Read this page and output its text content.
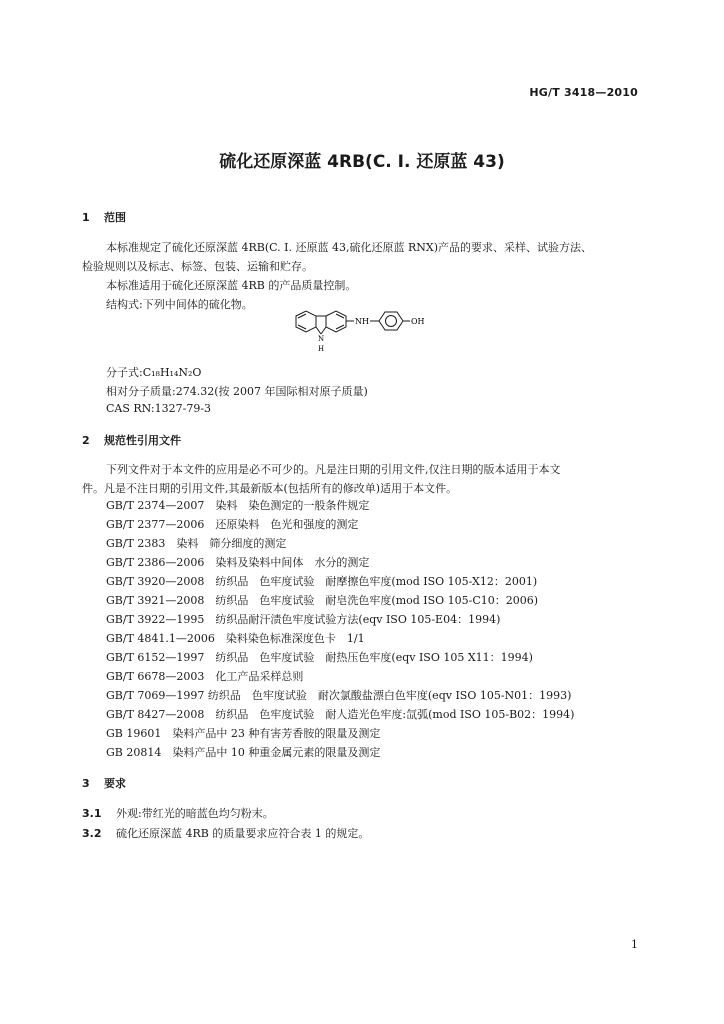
HG/T 3418—2010
硫化还原深蓝 4RB(C. I. 还原蓝 43)
1 范围
本标准规定了硫化还原深蓝 4RB(C. I. 还原蓝 43,硫化还原蓝 RNX)产品的要求、采样、试验方法、
检验规则以及标志、标签、包装、运输和贮存。
本标准适用于硫化还原深蓝 4RB 的产品质量控制。
结构式:下列中间体的硫化物。
NH	OH
N
H
分子式:C₁₈H₁₄N₂O
相对分子质量:274.32(按 2007 年国际相对原子质量)
CAS RN:1327-79-3
2 规范性引用文件
下列文件对于本文件的应用是必不可少的。凡是注日期的引用文件,仅注日期的版本适用于本文
件。凡是不注日期的引用文件,其最新版本(包括所有的修改单)适用于本文件。
GB/T 2374—2007　染料　染色测定的一般条件规定
GB/T 2377—2006　还原染料　色光和强度的测定
GB/T 2383　染料　筛分细度的测定
GB/T 2386—2006　染料及染料中间体　水分的测定
GB/T 3920—2008　纺织品　色牢度试验　耐摩擦色牢度(mod ISO 105-X12：2001)
GB/T 3921—2008　纺织品　色牢度试验　耐皂洗色牢度(mod ISO 105-C10：2006)
GB/T 3922—1995　纺织品耐汗渍色牢度试验方法(eqv ISO 105-E04：1994)
GB/T 4841.1—2006　染料染色标准深度色卡　1/1
GB/T 6152—1997　纺织品　色牢度试验　耐热压色牢度(eqv ISO 105 X11：1994)
GB/T 6678—2003　化工产品采样总则
GB/T 7069—1997 纺织品　色牢度试验　耐次氯酸盐漂白色牢度(eqv ISO 105-N01：1993)
GB/T 8427—2008　纺织品　色牢度试验　耐人造光色牢度:氙弧(mod ISO 105-B02：1994)
GB 19601　染料产品中 23 种有害芳香胺的限量及测定
GB 20814　染料产品中 10 种重金属元素的限量及测定
3 要求
3.1 外观:带红光的暗蓝色均匀粉末。
3.2 硫化还原深蓝 4RB 的质量要求应符合表 1 的规定。
1
